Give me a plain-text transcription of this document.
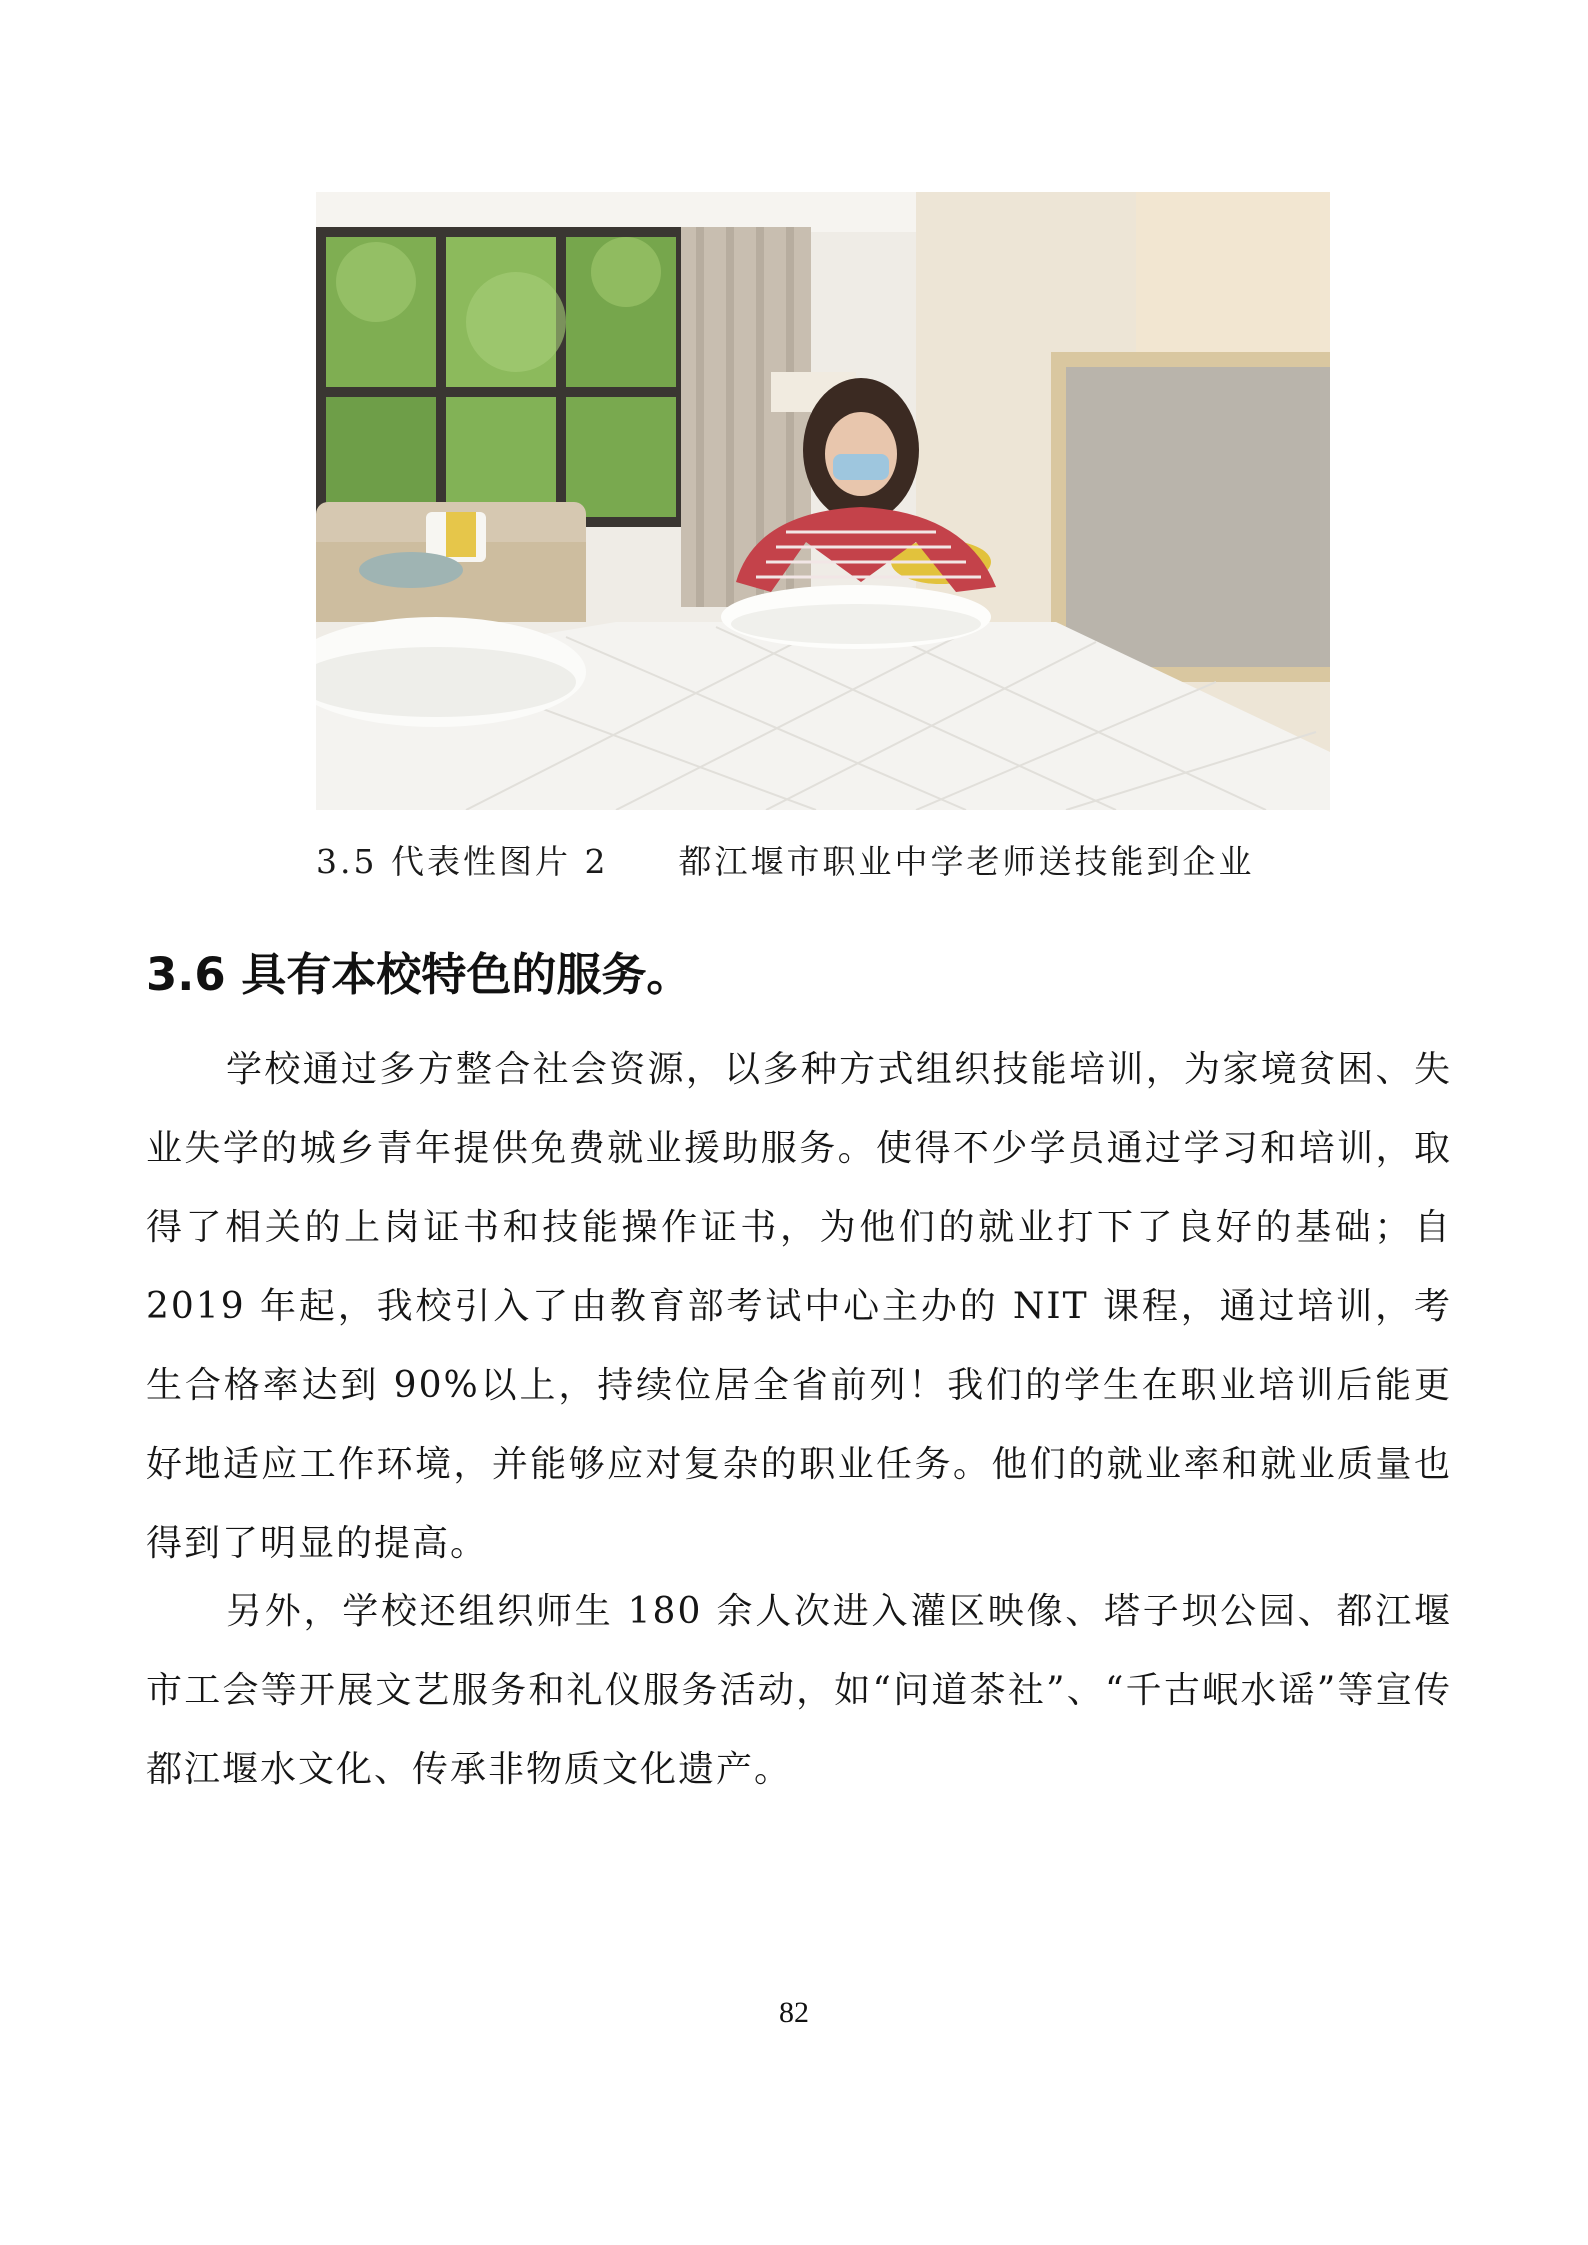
3.5 代表性图片 2 都江堰市职业中学老师送技能到企业
3.6 具有本校特色的服务。

学校通过多方整合社会资源，以多种方式组织技能培训，为家境贫困、失业失学的城乡青年提供免费就业援助服务。使得不少学员通过学习和培训，取得了相关的上岗证书和技能操作证书，为他们的就业打下了良好的基础；自 2019 年起，我校引入了由教育部考试中心主办的 NIT 课程，通过培训，考生合格率达到 90%以上，持续位居全省前列！我们的学生在职业培训后能更好地适应工作环境，并能够应对复杂的职业任务。他们的就业率和就业质量也得到了明显的提高。

另外，学校还组织师生 180 余人次进入灌区映像、塔子坝公园、都江堰市工会等开展文艺服务和礼仪服务活动，如“问道茶社”、“千古岷水谣”等宣传都江堰水文化、传承非物质文化遗产。

82
